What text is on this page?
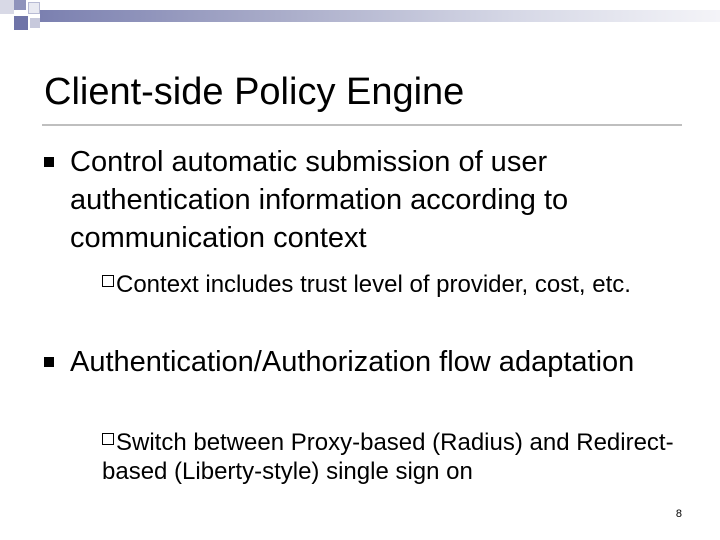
Client-side Policy Engine
Control automatic submission of user authentication information according to communication context
Context includes trust level of provider, cost, etc.
Authentication/Authorization flow adaptation
Switch between Proxy-based (Radius) and Redirect-based (Liberty-style) single sign on
8
